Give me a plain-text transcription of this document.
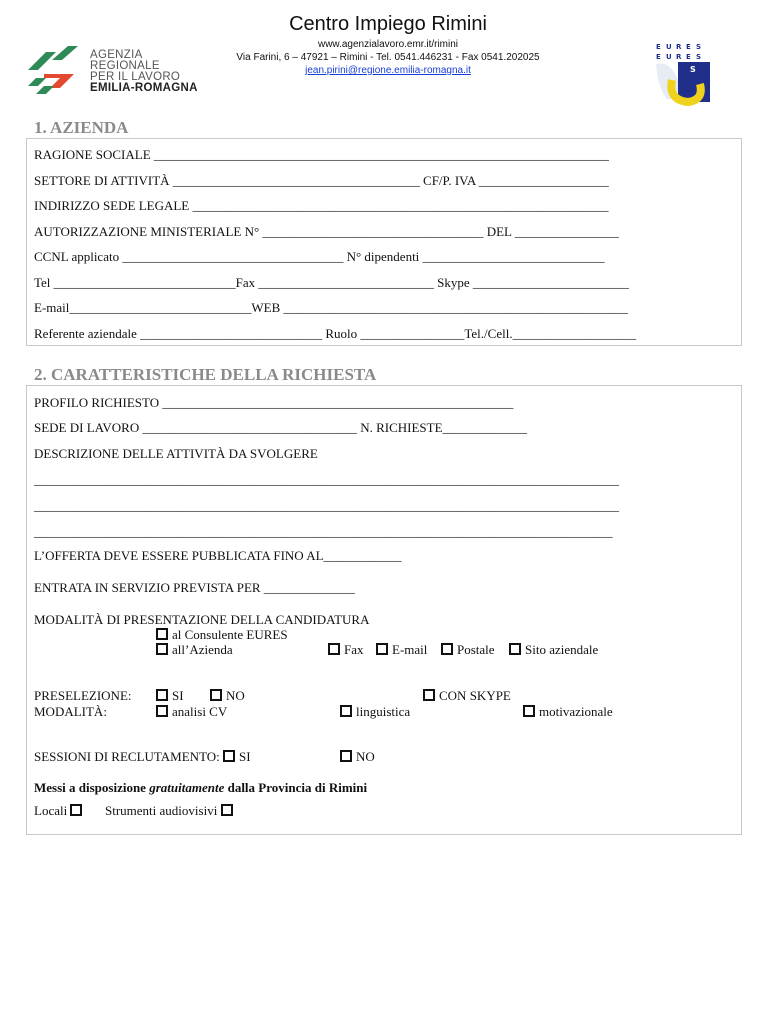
AGENZIA
REGIONALE
PER IL LAVORO
EMILIA-ROMAGNA
Centro Impiego Rimini
www.agenzialavoro.emr.it/rimini
Via Farini, 6 – 47921 – Rimini - Tel. 0541.446231 - Fax 0541.202025
jean.pirini@regione.emilia-romagna.it
E U R E S
E U R E S
S
1. AZIENDA
RAGIONE SOCIALE ______________________________________________________________________
SETTORE DI ATTIVITÀ ______________________________________ CF/P. IVA ____________________
INDIRIZZO SEDE LEGALE ________________________________________________________________
AUTORIZZAZIONE MINISTERIALE N° __________________________________ DEL ________________
CCNL applicato __________________________________ N° dipendenti ____________________________
Tel ____________________________Fax ___________________________ Skype ________________________
E-mail____________________________WEB _____________________________________________________
Referente aziendale ____________________________ Ruolo ________________Tel./Cell.___________________
2. CARATTERISTICHE DELLA RICHIESTA
PROFILO RICHIESTO ______________________________________________________
SEDE DI LAVORO _________________________________ N. RICHIESTE_____________
DESCRIZIONE DELLE ATTIVITÀ DA SVOLGERE
__________________________________________________________________________________________
__________________________________________________________________________________________
_________________________________________________________________________________________
L’OFFERTA DEVE ESSERE PUBBLICATA FINO AL____________
ENTRATA IN SERVIZIO PREVISTA PER ______________
MODALITÀ DI PRESENTAZIONE DELLA CANDIDATURA
al Consulente EURES
all’Azienda	Fax	E-mail	Postale	Sito aziendale
PRESELEZIONE:	SI	NO	CON SKYPE
MODALITÀ:	analisi CV	linguistica	motivazionale
SESSIONI DI RECLUTAMENTO: SI	NO
Messi a disposizione gratuitamente dalla Provincia di Rimini
Locali	Strumenti audiovisivi
